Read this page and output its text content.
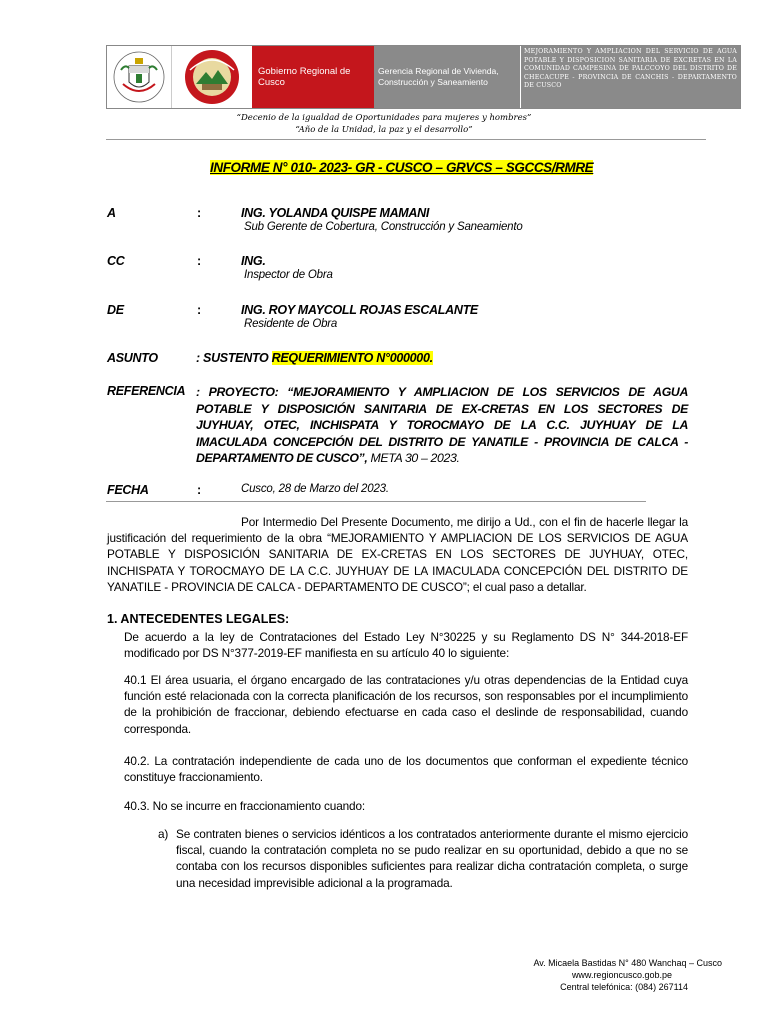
Gobierno Regional de Cusco
Gerencia Regional de Vivienda, Construcción y Saneamiento
MEJORAMIENTO Y AMPLIACION DEL SERVICIO DE AGUA POTABLE Y DISPOSICION SANITARIA DE EXCRETAS EN LA COMUNIDAD CAMPESINA DE PALCCOYO DEL DISTRITO DE CHECACUPE - PROVINCIA DE CANCHIS - DEPARTAMENTO DE CUSCO
“Decenio de la igualdad de Oportunidades para mujeres y hombres”
“Año de la Unidad, la paz y el desarrollo”
INFORME N° 010- 2023- GR - CUSCO – GRVCS – SGCCS/RMRE
A	:	ING. YOLANDA QUISPE MAMANI
Sub Gerente de Cobertura, Construcción y Saneamiento
CC	:	ING.
Inspector de Obra
DE	:	ING. ROY MAYCOLL ROJAS ESCALANTE
Residente de Obra
ASUNTO	: SUSTENTO REQUERIMIENTO N°000000.
REFERENCIA : PROYECTO: “MEJORAMIENTO Y AMPLIACION DE LOS SERVICIOS DE AGUA POTABLE Y DISPOSICIÓN SANITARIA DE EX-CRETAS EN LOS SECTORES DE JUYHUAY, OTEC, INCHISPATA Y TOROCMAYO DE LA C.C. JUYHUAY DE LA IMACULADA CONCEPCIÓN DEL DISTRITO DE YANATILE - PROVINCIA DE CALCA - DEPARTAMENTO DE CUSCO”, META 30 – 2023.
FECHA	:	Cusco, 28 de Marzo del 2023.
Por Intermedio Del Presente Documento, me dirijo a Ud., con el fin de hacerle llegar la justificación del requerimiento de la obra “MEJORAMIENTO Y AMPLIACION DE LOS SERVICIOS DE AGUA POTABLE Y DISPOSICIÓN SANITARIA DE EX-CRETAS EN LOS SECTORES DE JUYHUAY, OTEC, INCHISPATA Y TOROCMAYO DE LA C.C. JUYHUAY DE LA IMACULADA CONCEPCIÓN DEL DISTRITO DE YANATILE - PROVINCIA DE CALCA - DEPARTAMENTO DE CUSCO”; el cual paso a detallar.
1. ANTECEDENTES LEGALES:
De acuerdo a la ley de Contrataciones del Estado Ley N°30225 y su Reglamento DS N° 344-2018-EF modificado por DS N°377-2019-EF manifiesta en su artículo 40 lo siguiente:
40.1 El área usuaria, el órgano encargado de las contrataciones y/u otras dependencias de la Entidad cuya función esté relacionada con la correcta planificación de los recursos, son responsables por el incumplimiento de la prohibición de fraccionar, debiendo efectuarse en cada caso el deslinde de responsabilidad, cuando corresponda.
40.2. La contratación independiente de cada uno de los documentos que conforman el expediente técnico constituye fraccionamiento.
40.3. No se incurre en fraccionamiento cuando:
a) Se contraten bienes o servicios idénticos a los contratados anteriormente durante el mismo ejercicio fiscal, cuando la contratación completa no se pudo realizar en su oportunidad, debido a que no se contaba con los recursos disponibles suficientes para realizar dicha contratación completa, o surge una necesidad imprevisible adicional a la programada.
Av. Micaela Bastidas N° 480 Wanchaq – Cusco
www.regioncusco.gob.pe
Central telefónica: (084) 267114
